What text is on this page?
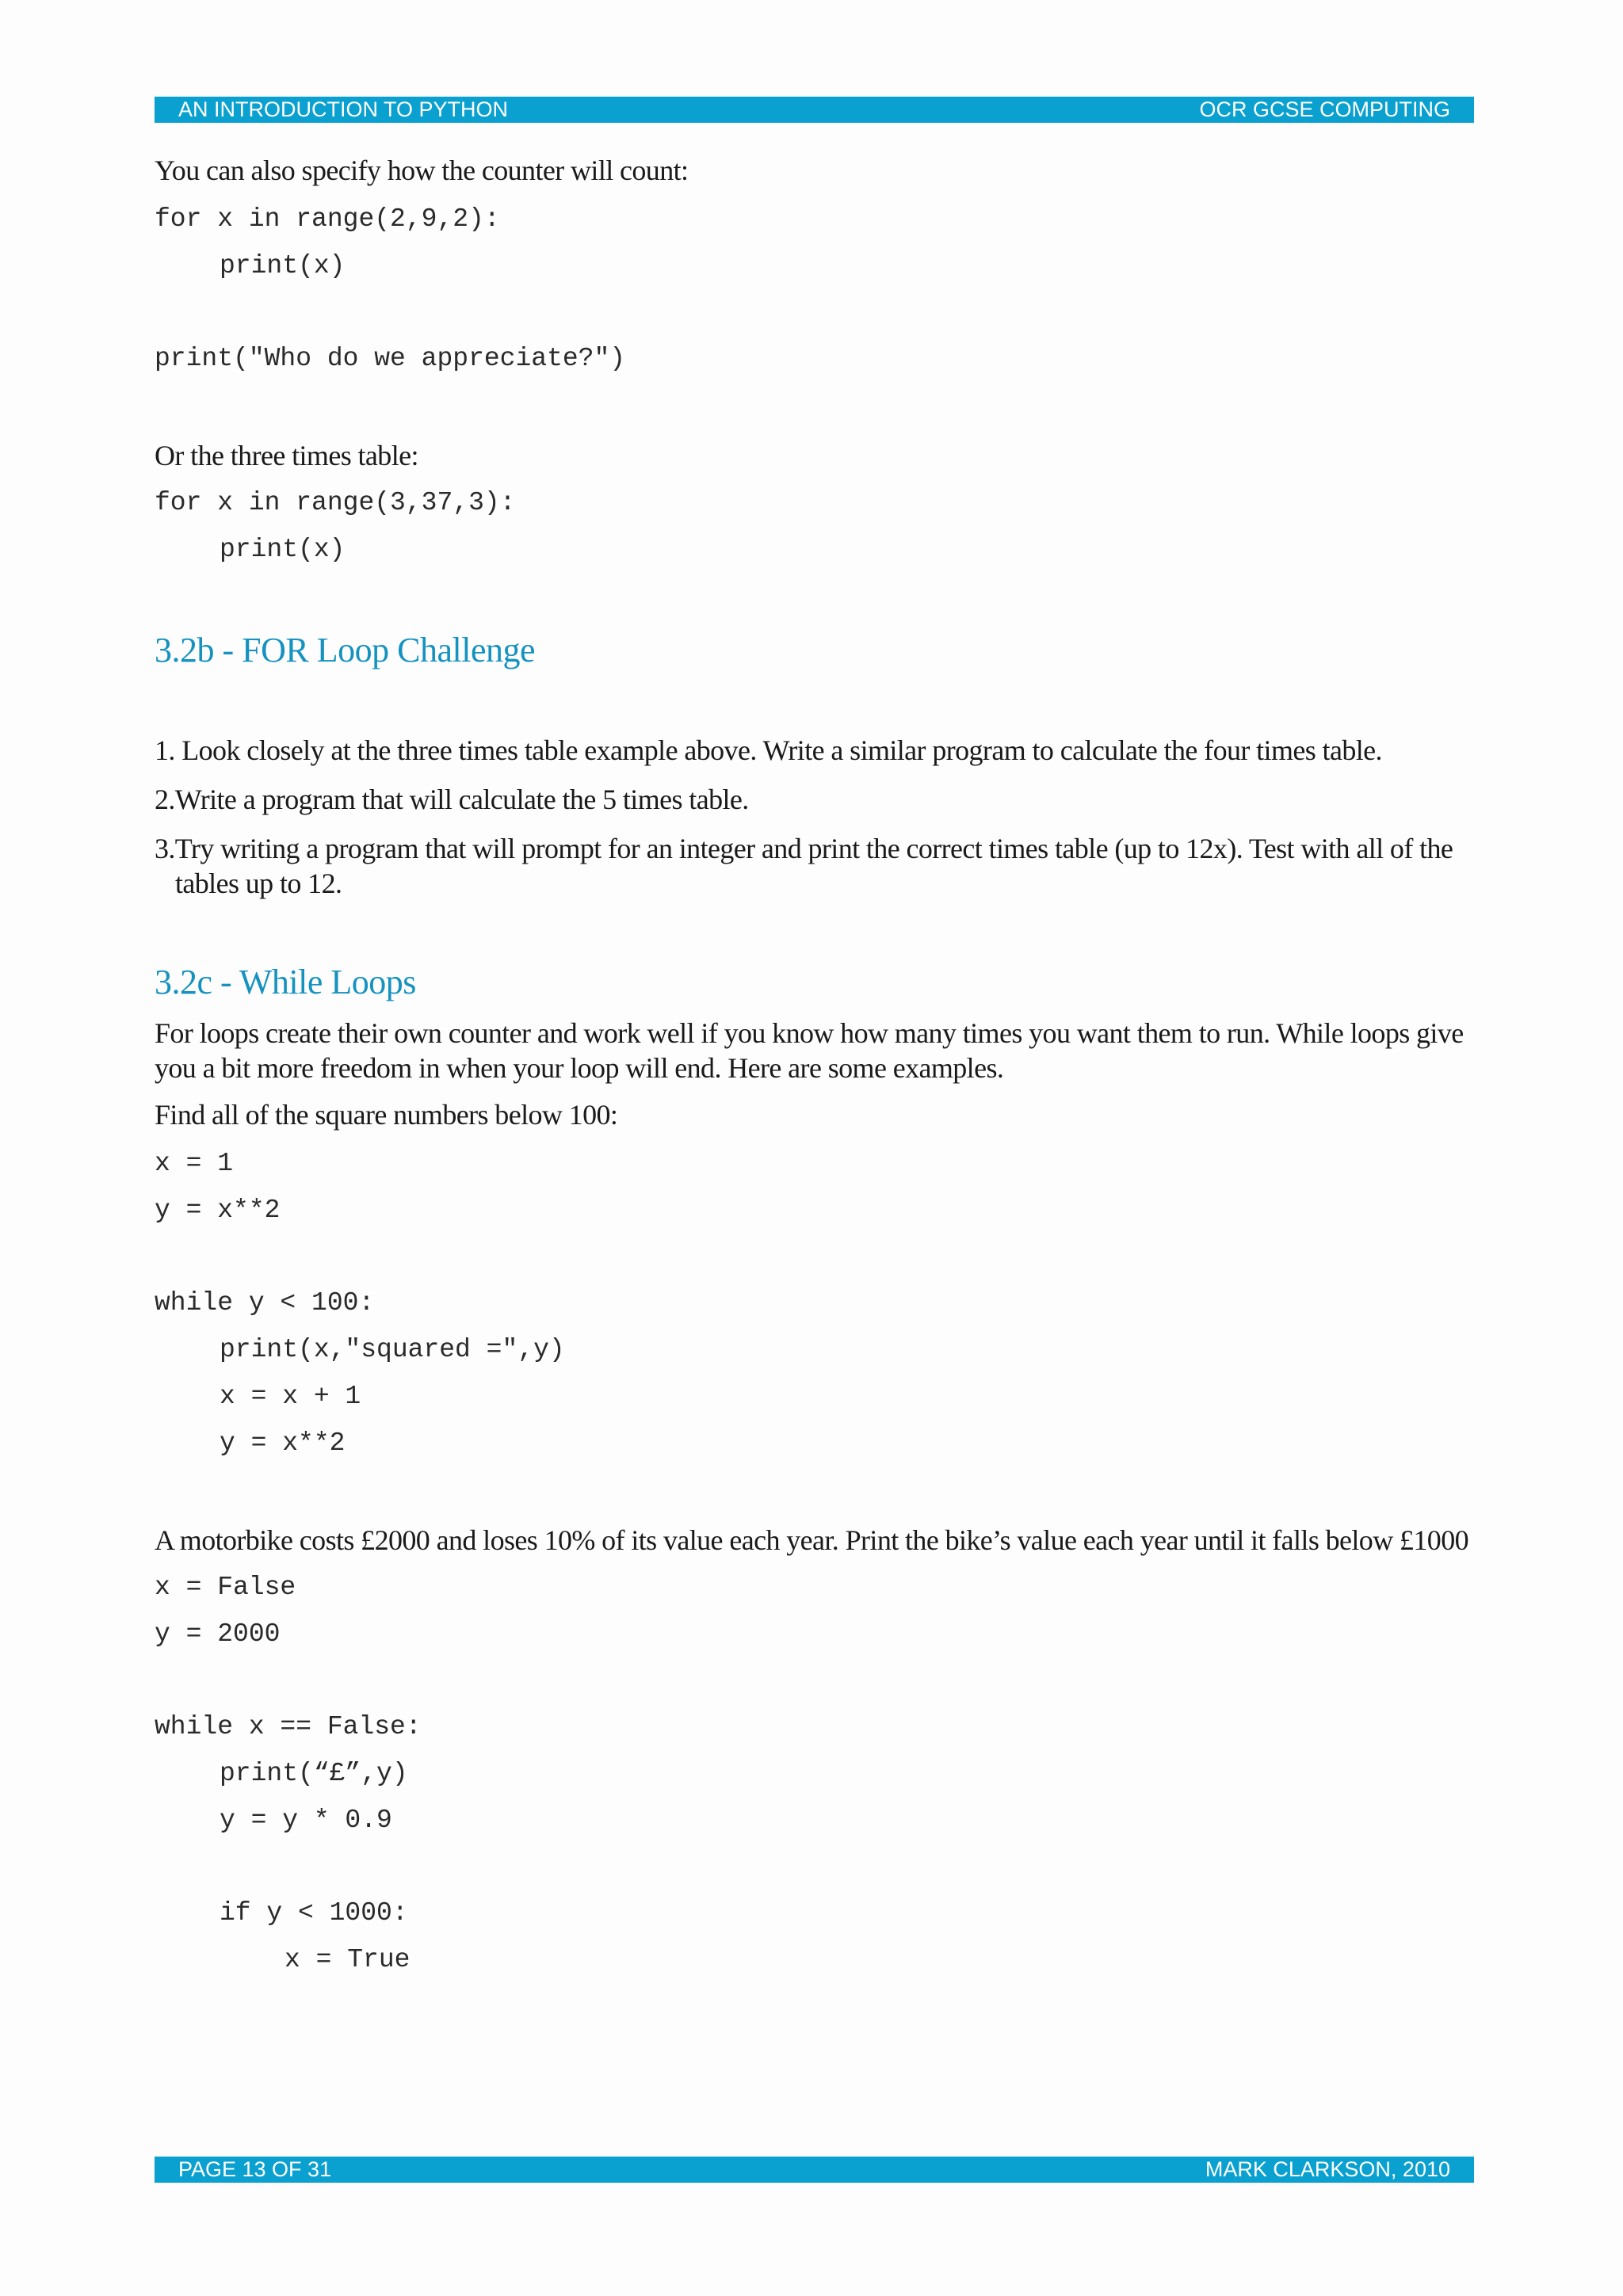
AN INTRODUCTION TO PYTHON	OCR GCSE COMPUTING

You can also specify how the counter will count:

for x in range(2,9,2):
print(x)
print("Who do we appreciate?")

Or the three times table:

for x in range(3,37,3):
print(x)
3.2b - FOR Loop Challenge

1. Look closely at the three times table example above. Write a similar program to calculate the four times table.

2.Write a program that will calculate the 5 times table.

3.Try writing a program that will prompt for an integer and print the correct times table (up to 12x). Test with all of the tables up to 12.

3.2c - While Loops

For loops create their own counter and work well if you know how many times you want them to run. While loops give you a bit more freedom in when your loop will end. Here are some examples.

Find all of the square numbers below 100:

x = 1
y = x**2
while y < 100:
print(x,"squared =",y)
x = x + 1
y = x**2

A motorbike costs £2000 and loses 10% of its value each year. Print the bike’s value each year until it falls below £1000

x = False
y = 2000
while x == False:
print(“£”,y)
y = y * 0.9
if y < 1000:
x = True
PAGE 13 OF 31	MARK CLARKSON, 2010
